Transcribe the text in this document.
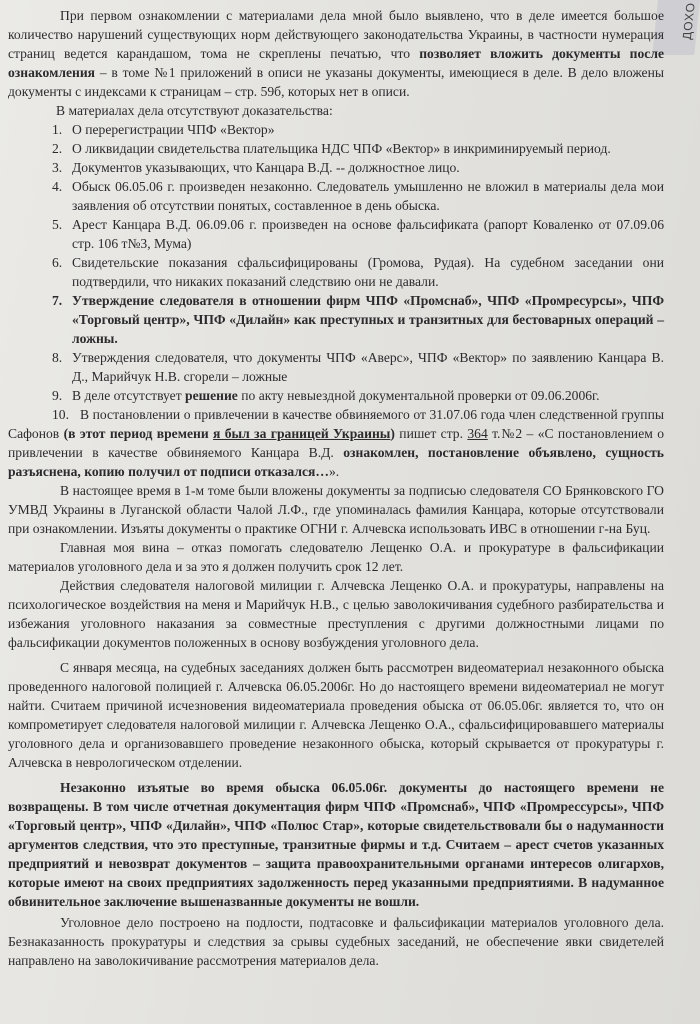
ДОХО

При первом ознакомлении с материалами дела мной было выявлено, что в деле имеется большое количество нарушений существующих норм действующего законодательства Украины, в частности нумерация страниц ведется карандашом, тома не скреплены печатью, что позволяет вложить документы после ознакомления – в томе №1 приложений в описи не указаны документы, имеющиеся в деле. В дело вложены документы с индексами к страницам – стр. 59б, которых нет в описи.

В материалах дела отсутствуют доказательства:

1. О перерегистрации ЧПФ «Вектор»
2. О ликвидации свидетельства плательщика НДС ЧПФ «Вектор» в инкриминируемый период.
3. Документов указывающих, что Канцара В.Д. -- должностное лицо.
4. Обыск 06.05.06 г. произведен незаконно. Следователь умышленно не вложил в материалы дела мои заявления об отсутствии понятых, составленное в день обыска.
5. Арест Канцара В.Д. 06.09.06 г. произведен на основе фальсификата (рапорт Коваленко от 07.09.06 стр. 106 т№3, Мума)
6. Свидетельские показания сфальсифицированы (Громова, Рудая). На судебном заседании они подтвердили, что никаких показаний следствию они не давали.
7. Утверждение следователя в отношении фирм ЧПФ «Промснаб», ЧПФ «Промресурсы», ЧПФ «Торговый центр», ЧПФ «Дилайн» как преступных и транзитных для бестоварных операций – ложны.
8. Утверждения следователя, что документы ЧПФ «Аверс», ЧПФ «Вектор» по заявлению Канцара В. Д., Марийчук Н.В. сгорели – ложные
9. В деле отсутствует решение по акту невыездной документальной проверки от 09.06.2006г.

10. В постановлении о привлечении в качестве обвиняемого от 31.07.06 года член следственной группы Сафонов (в этот период времени я был за границей Украины) пишет стр. 364 т.№2 – «С постановлением о привлечении в качестве обвиняемого Канцара В.Д. ознакомлен, постановление объявлено, сущность разъяснена, копию получил от подписи отказался…».

В настоящее время в 1-м томе были вложены документы за подписью следователя СО Брянковского ГО УМВД Украины в Луганской области Чалой Л.Ф., где упоминалась фамилия Канцара, которые отсутствовали при ознакомлении. Изъяты документы о практике ОГНИ г. Алчевска использовать ИВС в отношении г-на Буц.

Главная моя вина – отказ помогать следователю Лещенко О.А. и прокуратуре в фальсификации материалов уголовного дела и за это я должен получить срок 12 лет.

Действия следователя налоговой милиции г. Алчевска Лещенко О.А. и прокуратуры, направлены на психологическое воздействия на меня и Марийчук Н.В., с целью заволокичивания судебного разбирательства и избежания уголовного наказания за совместные преступления с другими должностными лицами по фальсификации документов положенных в основу возбуждения уголовного дела.

С января месяца, на судебных заседаниях должен быть рассмотрен видеоматериал незаконного обыска проведенного налоговой полицией г. Алчевска 06.05.2006г. Но до настоящего времени видеоматериал не могут найти. Считаем причиной исчезновения видеоматериала проведения обыска от 06.05.06г. является то, что он компрометирует следователя налоговой милиции г. Алчевска Лещенко О.А., сфальсифицировавшего материалы уголовного дела и организовавшего проведение незаконного обыска, который скрывается от прокуратуры г. Алчевска в неврологическом отделении.

Незаконно изъятые во время обыска 06.05.06г. документы до настоящего времени не возвращены. В том числе отчетная документация фирм ЧПФ «Промснаб», ЧПФ «Промрессурсы», ЧПФ «Торговый центр», ЧПФ «Дилайн», ЧПФ «Полюс Стар», которые свидетельствовали бы о надуманности аргументов следствия, что это преступные, транзитные фирмы и т.д. Считаем – арест счетов указанных предприятий и невозврат документов – защита правоохранительными органами интересов олигархов, которые имеют на своих предприятиях задолженность перед указанными предприятиями. В надуманное обвинительное заключение вышеназванные документы не вошли.

Уголовное дело построено на подлости, подтасовке и фальсификации материалов уголовного дела. Безнаказанность прокуратуры и следствия за срывы судебных заседаний, не обеспечение явки свидетелей направлено на заволокичивание рассмотрения материалов дела.
